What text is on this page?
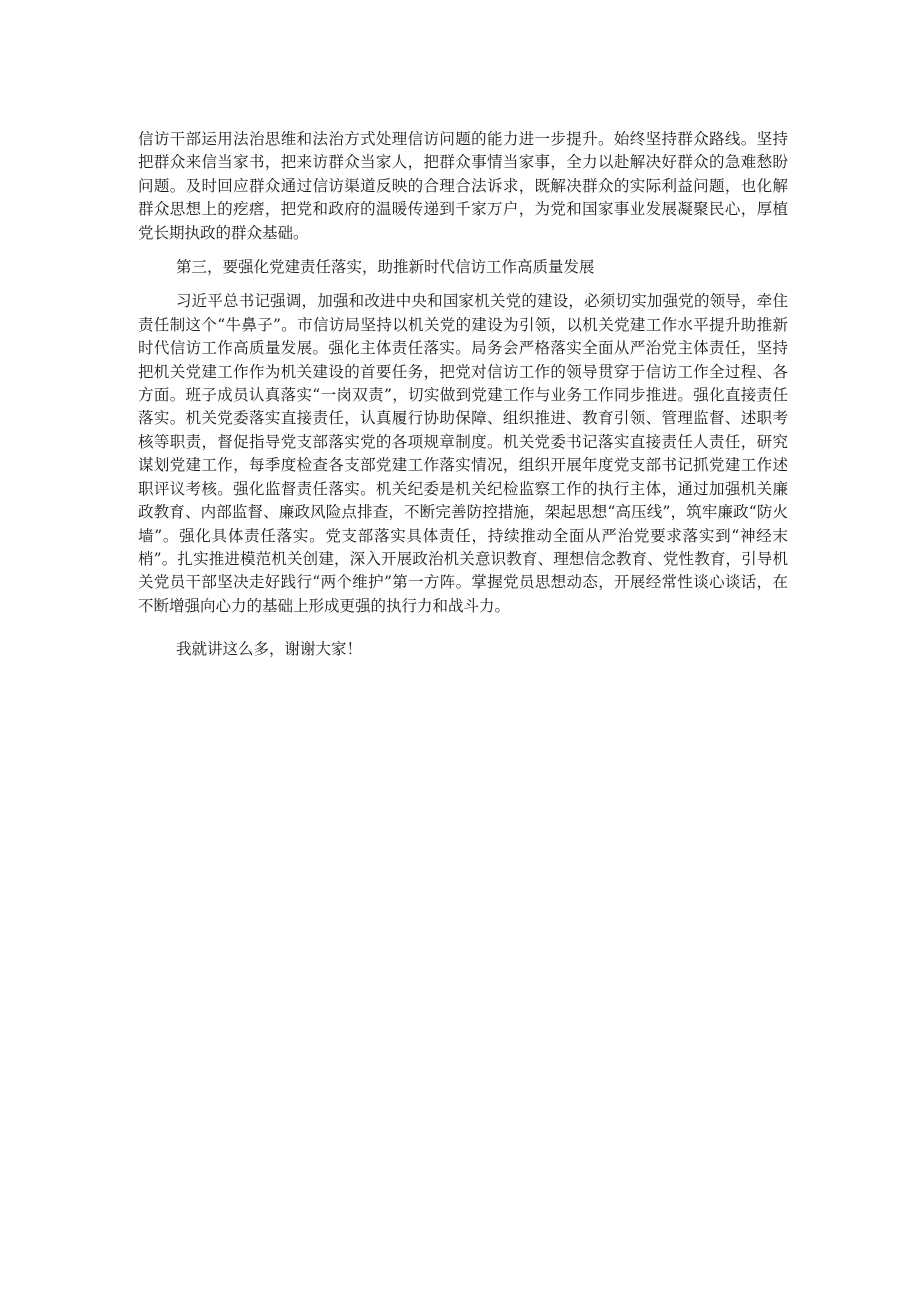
信访干部运用法治思维和法治方式处理信访问题的能力进一步提升。始终坚持群众路线。坚持把群众来信当家书，把来访群众当家人，把群众事情当家事，全力以赴解决好群众的急难愁盼问题。及时回应群众通过信访渠道反映的合理合法诉求，既解决群众的实际利益问题，也化解群众思想上的疙瘩，把党和政府的温暖传递到千家万户，为党和国家事业发展凝聚民心，厚植党长期执政的群众基础。

第三，要强化党建责任落实，助推新时代信访工作高质量发展

习近平总书记强调，加强和改进中央和国家机关党的建设，必须切实加强党的领导，牵住责任制这个“牛鼻子”。市信访局坚持以机关党的建设为引领，以机关党建工作水平提升助推新时代信访工作高质量发展。强化主体责任落实。局务会严格落实全面从严治党主体责任，坚持把机关党建工作作为机关建设的首要任务，把党对信访工作的领导贯穿于信访工作全过程、各方面。班子成员认真落实“一岗双责”，切实做到党建工作与业务工作同步推进。强化直接责任落实。机关党委落实直接责任，认真履行协助保障、组织推进、教育引领、管理监督、述职考核等职责，督促指导党支部落实党的各项规章制度。机关党委书记落实直接责任人责任，研究谋划党建工作，每季度检查各支部党建工作落实情况，组织开展年度党支部书记抓党建工作述职评议考核。强化监督责任落实。机关纪委是机关纪检监察工作的执行主体，通过加强机关廉政教育、内部监督、廉政风险点排查，不断完善防控措施，架起思想“高压线”，筑牢廉政“防火墙”。强化具体责任落实。党支部落实具体责任，持续推动全面从严治党要求落实到“神经末梢”。扎实推进模范机关创建，深入开展政治机关意识教育、理想信念教育、党性教育，引导机关党员干部坚决走好践行“两个维护”第一方阵。掌握党员思想动态，开展经常性谈心谈话，在不断增强向心力的基础上形成更强的执行力和战斗力。

我就讲这么多，谢谢大家！
